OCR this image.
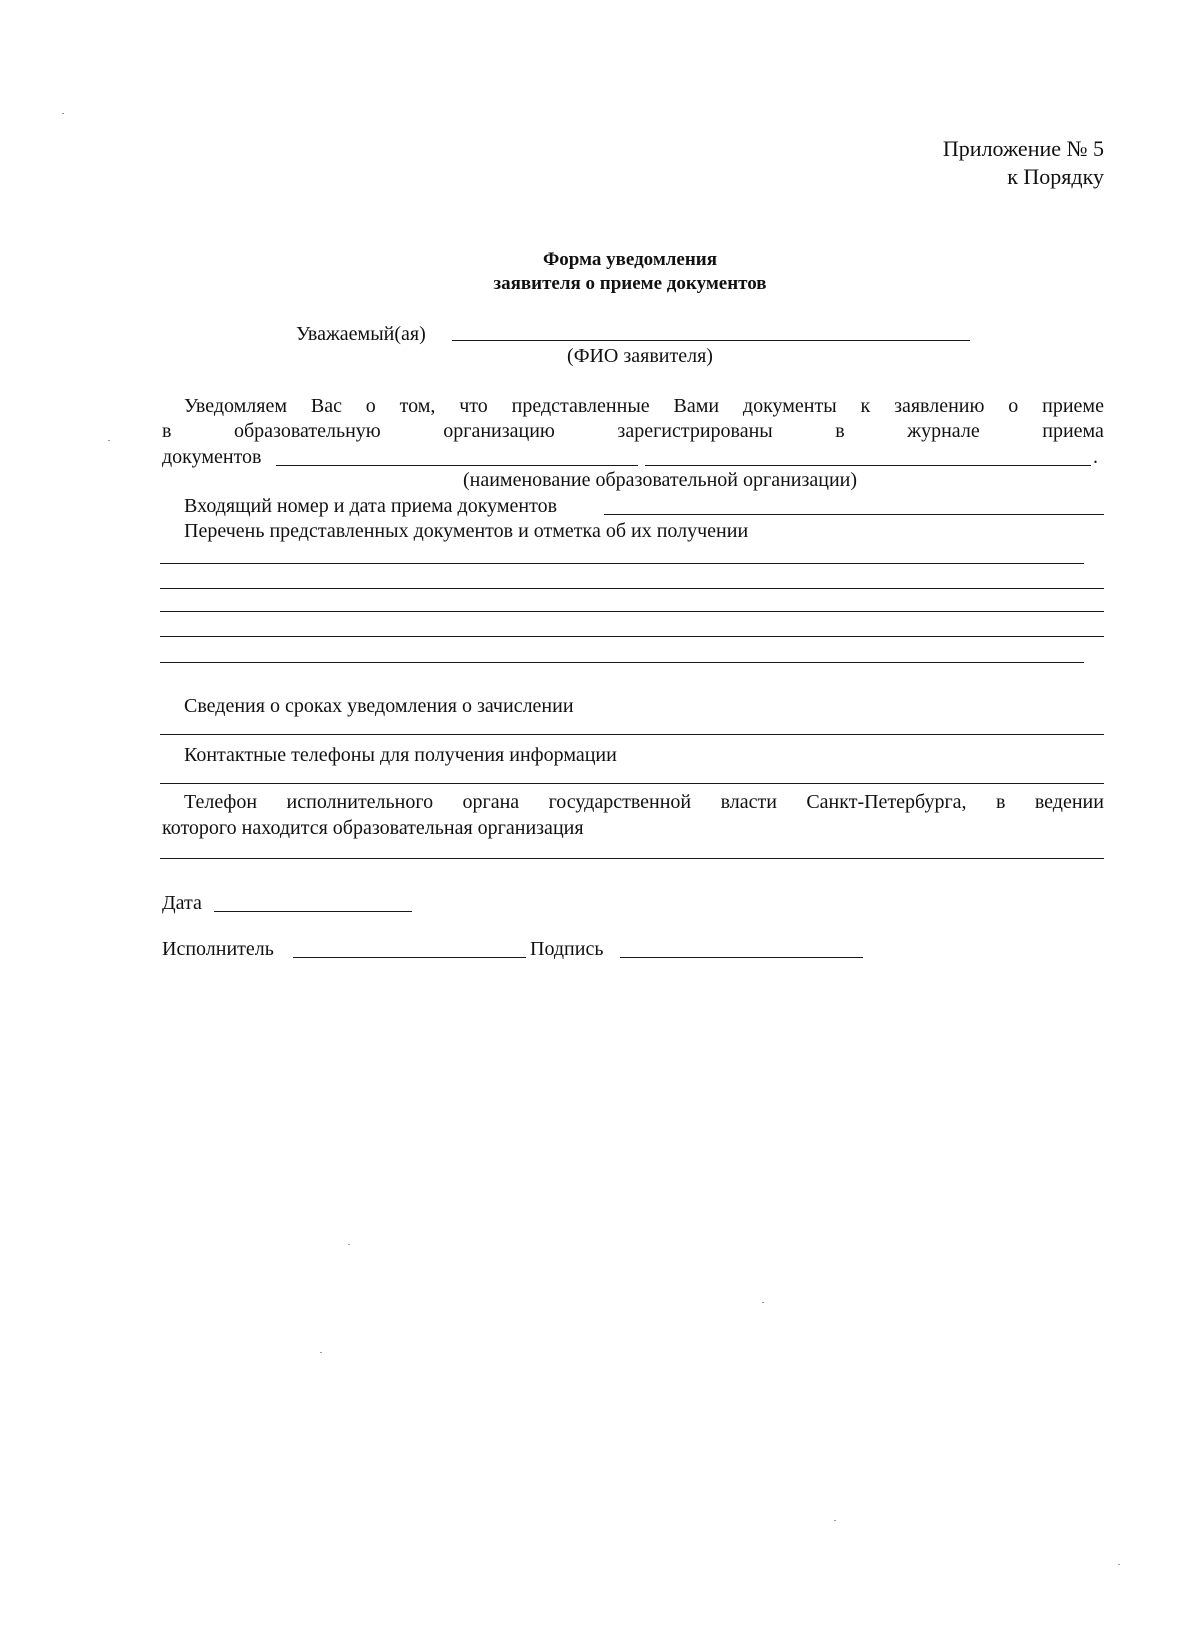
Приложение № 5
к Порядку
Форма уведомления
заявителя о приеме документов
Уважаемый(ая)
(ФИО заявителя)
Уведомляем Вас о том, что представленные Вами документы к заявлению о приеме
в	образовательную	организацию	зарегистрированы	в	журнале	приема
документов	.
(наименование образовательной организации)
Входящий номер и дата приема документов
Перечень представленных документов и отметка об их получении
Сведения о сроках уведомления о зачислении
Контактные телефоны для получения информации
Телефон исполнительного органа государственной власти Санкт-Петербурга, в ведении
которого находится образовательная организация
Дата
Исполнитель	Подпись
